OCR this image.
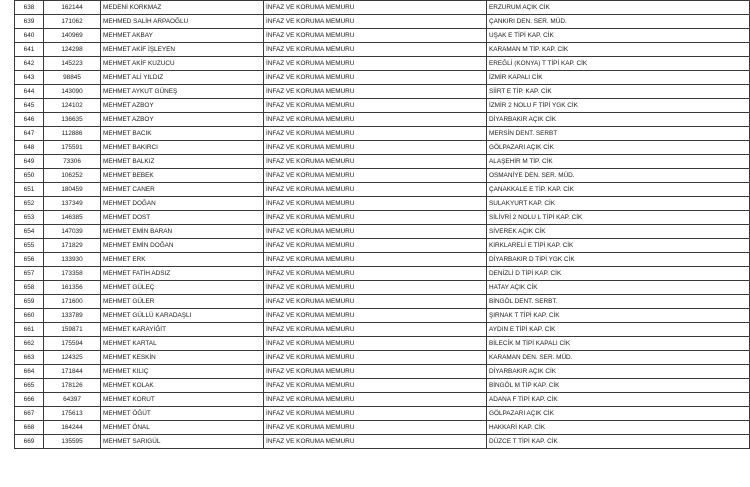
638	162144	MEDENİ KORKMAZ	İNFAZ VE KORUMA MEMURU	ERZURUM AÇIK CİK	
639	171062	MEHMED SALİH ARPAOĞLU	İNFAZ VE KORUMA MEMURU	ÇANKIRI DEN. SER. MÜD.	
640	140969	MEHMET AKBAY	İNFAZ VE KORUMA MEMURU	UŞAK E TİPİ KAP. CİK	
641	124298	MEHMET AKİF İŞLEYEN	İNFAZ VE KORUMA MEMURU	KARAMAN M TİP. KAP. CİK	
642	145223	MEHMET AKİF KUZUCU	İNFAZ VE KORUMA MEMURU	EREĞLİ (KONYA) T TİPİ KAP. CİK	
643	98845	MEHMET ALİ YILDIZ	İNFAZ VE KORUMA MEMURU	İZMİR KAPALI CİK	
644	143090	MEHMET AYKUT GÜNEŞ	İNFAZ VE KORUMA MEMURU	SİİRT E TİP. KAP. CİK	
645	124102	MEHMET AZBOY	İNFAZ VE KORUMA MEMURU	İZMİR 2 NOLU F TİPİ YGK CİK	
646	136635	MEHMET AZBOY	İNFAZ VE KORUMA MEMURU	DİYARBAKIR AÇIK CİK	
647	112886	MEHMET BACIK	İNFAZ VE KORUMA MEMURU	MERSİN DENT. SERBT	
648	175591	MEHMET BAKIRCI	İNFAZ VE KORUMA MEMURU	GÖLPAZARI AÇIK CİK	
649	73306	MEHMET BALKIZ	İNFAZ VE KORUMA MEMURU	ALAŞEHİR M TİP. CİK	
650	106252	MEHMET BEBEK	İNFAZ VE KORUMA MEMURU	OSMANİYE DEN. SER. MÜD.	
651	180459	MEHMET CANER	İNFAZ VE KORUMA MEMURU	ÇANAKKALE E TİP. KAP. CİK	
652	137349	MEHMET DOĞAN	İNFAZ VE KORUMA MEMURU	SULAKYURT KAP. CİK	
653	146385	MEHMET DOST	İNFAZ VE KORUMA MEMURU	SİLİVRİ 2 NOLU L TİPİ KAP. CİK	
654	147039	MEHMET EMİN BARAN	İNFAZ VE KORUMA MEMURU	SİVEREK AÇIK CİK	
655	171829	MEHMET EMİN DOĞAN	İNFAZ VE KORUMA MEMURU	KIRKLARELİ E TİPİ KAP. CİK	
656	133930	MEHMET ERK	İNFAZ VE KORUMA MEMURU	DİYARBAKIR D TİPİ YGK CİK	
657	173358	MEHMET FATİH ADSIZ	İNFAZ VE KORUMA MEMURU	DENİZLİ D TİPİ KAP. CİK	
658	161356	MEHMET GÜLEÇ	İNFAZ VE KORUMA MEMURU	HATAY AÇIK CİK	
659	171600	MEHMET GÜLER	İNFAZ VE KORUMA MEMURU	BİNGÖL DENT. SERBT.	
660	133789	MEHMET GÜLLÜ KARADAŞLI	İNFAZ VE KORUMA MEMURU	ŞIRNAK T TİPİ KAP. CİK	
661	159871	MEHMET KARAYİĞİT	İNFAZ VE KORUMA MEMURU	AYDIN E TİPİ KAP. CİK	
662	175594	MEHMET KARTAL	İNFAZ VE KORUMA MEMURU	BİLECİK M TİPİ KAPALI CİK	
663	124325	MEHMET KESKİN	İNFAZ VE KORUMA MEMURU	KARAMAN DEN. SER. MÜD.	
664	171844	MEHMET KILIÇ	İNFAZ VE KORUMA MEMURU	DİYARBAKIR AÇIK CİK	
665	178126	MEHMET KOLAK	İNFAZ VE KORUMA MEMURU	BİNGÖL M TİP KAP. CİK	
666	64397	MEHMET KORUT	İNFAZ VE KORUMA MEMURU	ADANA F TİPİ KAP. CİK	
667	175613	MEHMET ÖĞÜT	İNFAZ VE KORUMA MEMURU	GÖLPAZARI AÇIK CİK	
668	164244	MEHMET ÖNAL	İNFAZ VE KORUMA MEMURU	HAKKARİ KAP. CİK	
669	135595	MEHMET SARIGÜL	İNFAZ VE KORUMA MEMURU	DÜZCE T TİPİ KAP. CİK	
